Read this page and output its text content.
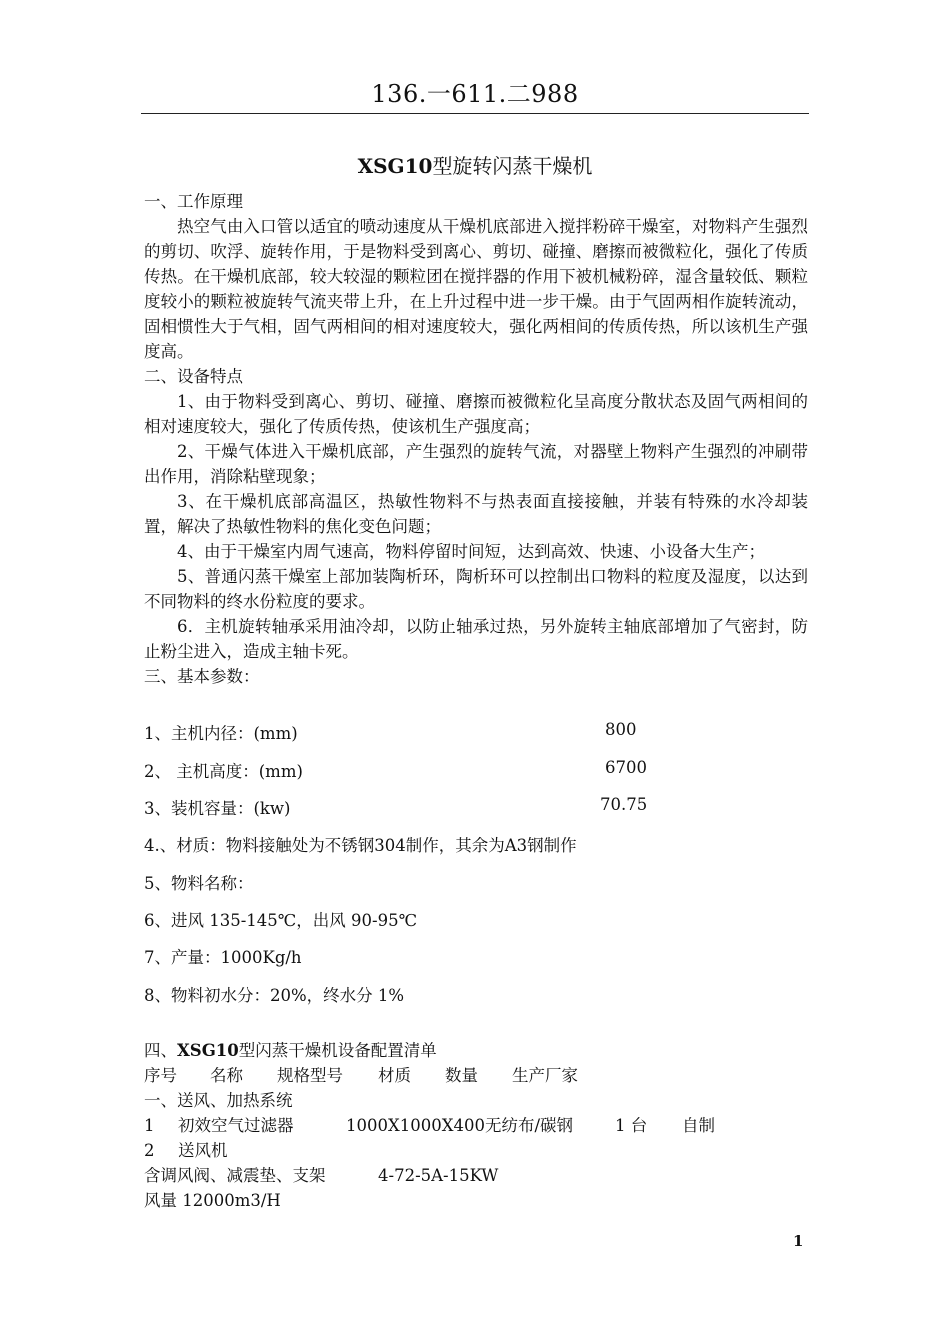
136.一611.二988
XSG10型旋转闪蒸干燥机

一、工作原理

热空气由入口管以适宜的喷动速度从干燥机底部进入搅拌粉碎干燥室，对物料产生强烈的剪切、吹浮、旋转作用，于是物料受到离心、剪切、碰撞、磨擦而被微粒化，强化了传质传热。在干燥机底部，较大较湿的颗粒团在搅拌器的作用下被机械粉碎，湿含量较低、颗粒度较小的颗粒被旋转气流夹带上升，在上升过程中进一步干燥。由于气固两相作旋转流动，固相惯性大于气相，固气两相间的相对速度较大，强化两相间的传质传热，所以该机生产强度高。

二、设备特点

1、由于物料受到离心、剪切、碰撞、磨擦而被微粒化呈高度分散状态及固气两相间的相对速度较大，强化了传质传热，使该机生产强度高；

2、干燥气体进入干燥机底部，产生强烈的旋转气流，对器壁上物料产生强烈的冲刷带出作用，消除粘壁现象；

3、在干燥机底部高温区，热敏性物料不与热表面直接接触，并装有特殊的水冷却装置，解决了热敏性物料的焦化变色问题；

4、由于干燥室内周气速高，物料停留时间短，达到高效、快速、小设备大生产；

5、普通闪蒸干燥室上部加装陶析环，陶析环可以控制出口物料的粒度及湿度，以达到不同物料的终水份粒度的要求。

6．主机旋转轴承采用油冷却，以防止轴承过热，另外旋转主轴底部增加了气密封，防止粉尘进入，造成主轴卡死。

三、基本参数：

1、主机内径：(mm)	800
2、 主机高度：(mm)	6700
3、装机容量：(kw)	70.75
4.、材质：物料接触处为不锈钢304制作，其余为A3钢制作
5、物料名称：
6、进风 135-145℃，出风 90-95℃
7、产量：1000Kg/h
8、物料初水分：20%，终水分 1%
四、XSG10型闪蒸干燥机设备配置清单
序号 名称 规格型号 材质 数量 生产厂家
一、送风、加热系统
1 初效空气过滤器	1000X1000X400无纺布/碳钢	1 台 自制
2 送风机
含调风阀、减震垫、支架	4-72-5A-15KW
风量 12000m3/H
1
